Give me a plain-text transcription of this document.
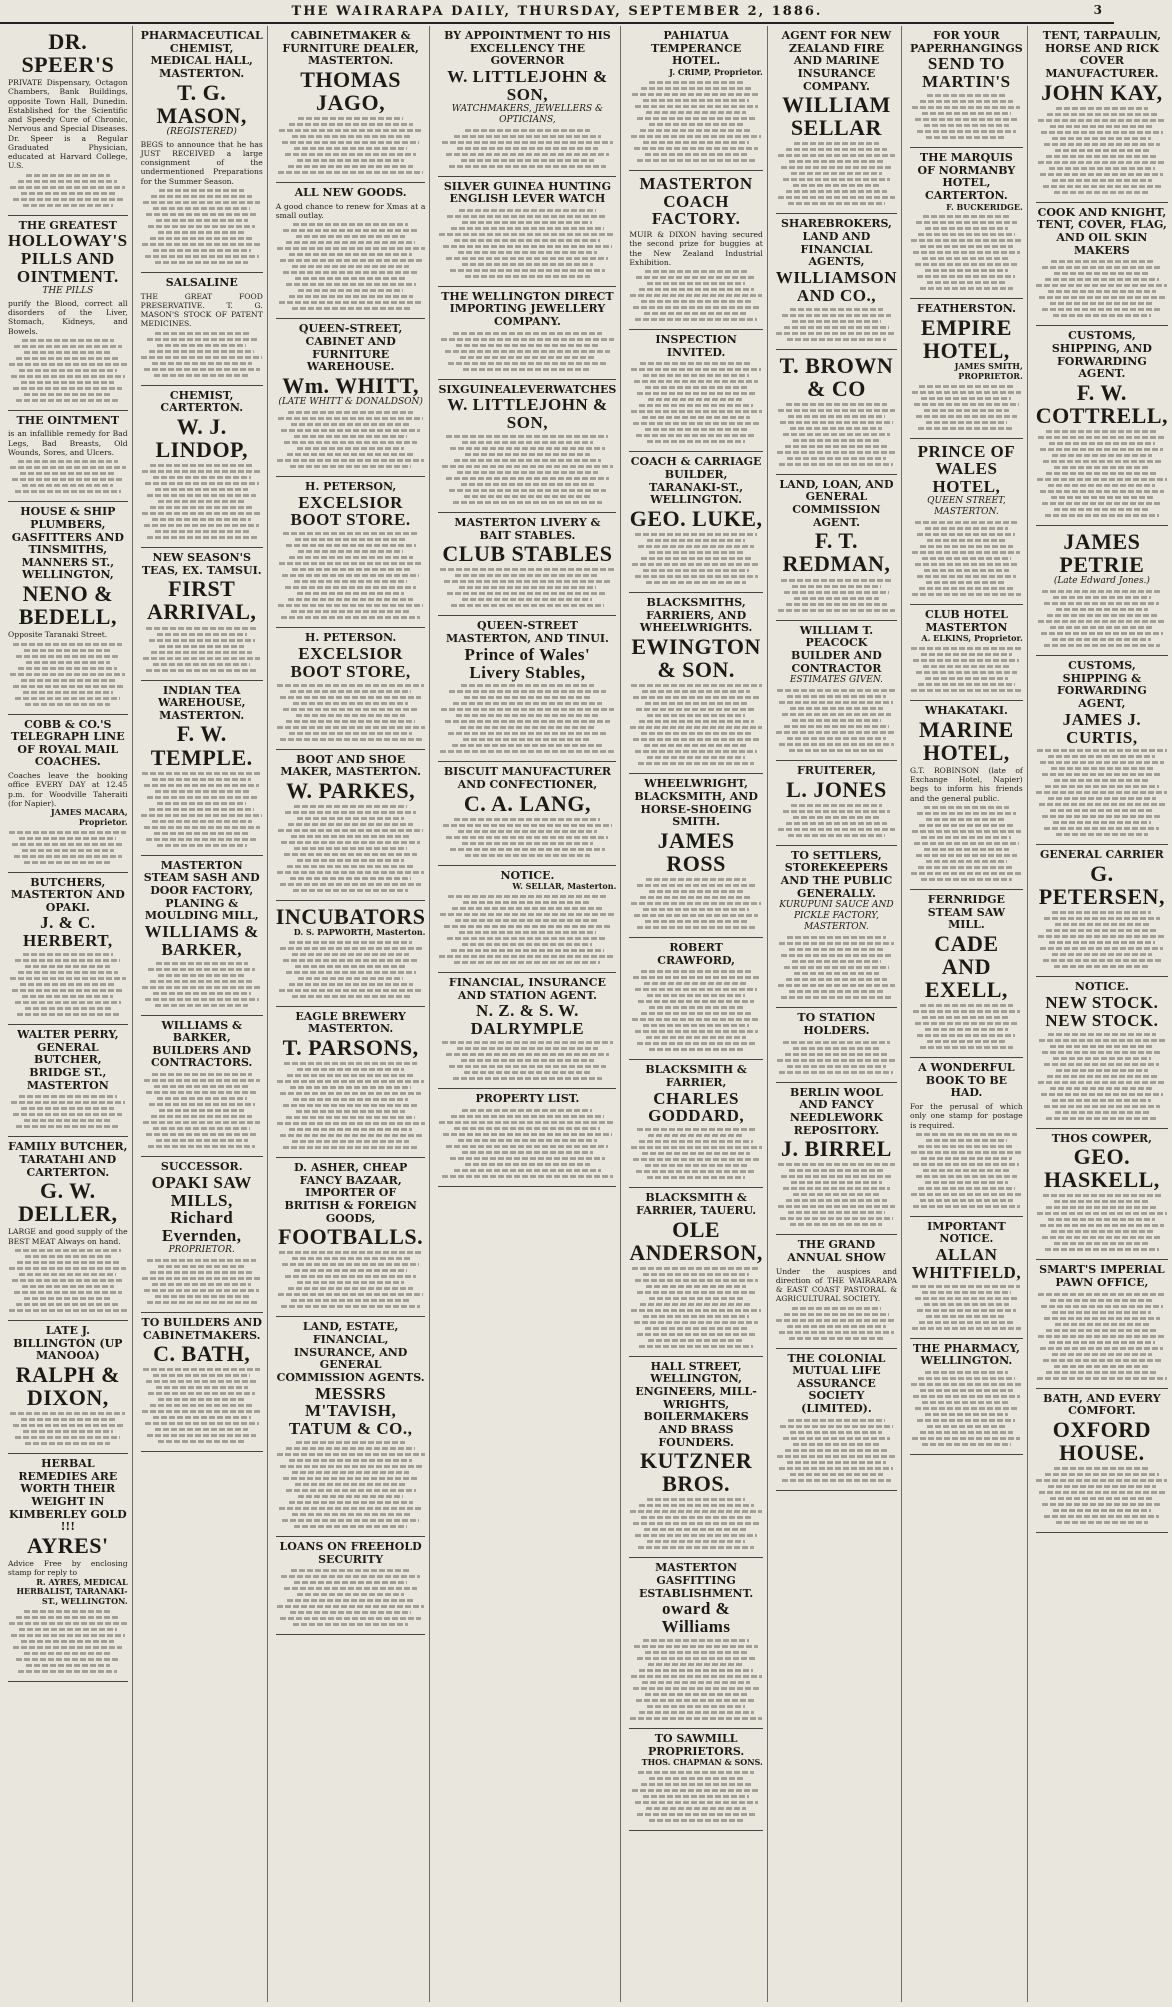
THE WAIRARAPA DAILY, THURSDAY, SEPTEMBER 2, 1886.	3
DR. SPEER'S
PRIVATE Dispensary, Octagon Chambers, Bank Buildings, opposite Town Hall, Dunedin. Established for the Scientific and Speedy Cure of Chronic, Nervous and Special Diseases. Dr. Speer is a Regular Graduated Physician, educated at Harvard College, U.S.
THE GREATEST
HOLLOWAY'S PILLS AND OINTMENT.
THE PILLS
purify the Blood, correct all disorders of the Liver, Stomach, Kidneys, and Bowels.
THE OINTMENT
is an infallible remedy for Bad Legs, Bad Breasts, Old Wounds, Sores, and Ulcers.
HOUSE & SHIP PLUMBERS, GASFITTERS AND TINSMITHS, MANNERS ST., WELLINGTON,
NENO & BEDELL,
Opposite Taranaki Street.
COBB & CO.'S TELEGRAPH LINE OF ROYAL MAIL COACHES.
Coaches leave the booking office EVERY DAY at 12.45 p.m. for Woodville Taheraiti (for Napier).
JAMES MACARA, Proprietor.
BUTCHERS, MASTERTON AND OPAKI.
J. & C. HERBERT,
WALTER PERRY, GENERAL BUTCHER, BRIDGE ST., MASTERTON
FAMILY BUTCHER, TARATAHI AND CARTERTON.
G. W. DELLER,
LARGE and good supply of the BEST MEAT Always on hand.
LATE J. BILLINGTON (UP MANOOA)
RALPH & DIXON,
HERBAL REMEDIES ARE WORTH THEIR WEIGHT IN KIMBERLEY GOLD !!!
AYRES'
Advice Free by enclosing stamp for reply to
R. AYRES, MEDICAL HERBALIST, TARANAKI-ST., WELLINGTON.
PHARMACEUTICAL CHEMIST, MEDICAL HALL, MASTERTON.
T. G. MASON,
(REGISTERED)
BEGS to announce that he has JUST RECEIVED a large consignment of the undermentioned Preparations for the Summer Season.
SALSALINE
THE GREAT FOOD PRESERVATIVE. T. G. MASON'S STOCK OF PATENT MEDICINES.
CHEMIST, CARTERTON.
W. J. LINDOP,
NEW SEASON'S TEAS, EX. TAMSUI.
FIRST ARRIVAL,
INDIAN TEA WAREHOUSE, MASTERTON.
F. W. TEMPLE.
MASTERTON STEAM SASH AND DOOR FACTORY, PLANING & MOULDING MILL,
WILLIAMS & BARKER,
WILLIAMS & BARKER, BUILDERS AND CONTRACTORS.
SUCCESSOR.
OPAKI SAW MILLS, Richard Evernden,
PROPRIETOR.
TO BUILDERS AND CABINETMAKERS.
C. BATH,
CABINETMAKER & FURNITURE DEALER, MASTERTON.
THOMAS JAGO,
ALL NEW GOODS.
A good chance to renew for Xmas at a small outlay.
QUEEN-STREET, CABINET AND FURNITURE WAREHOUSE.
Wm. WHITT,
(LATE WHITT & DONALDSON)
H. PETERSON,
EXCELSIOR BOOT STORE.
H. PETERSON.
EXCELSIOR BOOT STORE,
BOOT AND SHOE MAKER, MASTERTON.
W. PARKES,
INCUBATORS
D. S. PAPWORTH, Masterton.
EAGLE BREWERY MASTERTON.
T. PARSONS,
D. ASHER, CHEAP FANCY BAZAAR, IMPORTER OF BRITISH & FOREIGN GOODS,
FOOTBALLS.
LAND, ESTATE, FINANCIAL, INSURANCE, AND GENERAL COMMISSION AGENTS.
MESSRS M'TAVISH, TATUM & CO.,
LOANS ON FREEHOLD SECURITY
BY APPOINTMENT TO HIS EXCELLENCY THE GOVERNOR
W. LITTLEJOHN & SON,
WATCHMAKERS, JEWELLERS & OPTICIANS,
SILVER GUINEA HUNTING ENGLISH LEVER WATCH
THE WELLINGTON DIRECT IMPORTING JEWELLERY COMPANY.
SIXGUINEALEVERWATCHES
W. LITTLEJOHN & SON,
MASTERTON LIVERY & BAIT STABLES.
CLUB STABLES
QUEEN-STREET MASTERTON, AND TINUI.
Prince of Wales' Livery Stables,
BISCUIT MANUFACTURER AND CONFECTIONER,
C. A. LANG,
NOTICE.
W. SELLAR, Masterton.
FINANCIAL, INSURANCE AND STATION AGENT.
N. Z. & S. W. DALRYMPLE
PROPERTY LIST.
PAHIATUA TEMPERANCE HOTEL.
J. CRIMP, Proprietor.
MASTERTON COACH FACTORY.
MUIR & DIXON having secured the second prize for buggies at the New Zealand Industrial Exhibition.
INSPECTION INVITED.
COACH & CARRIAGE BUILDER, TARANAKI-ST., WELLINGTON.
GEO. LUKE,
BLACKSMITHS, FARRIERS, AND WHEELWRIGHTS.
EWINGTON & SON.
WHEELWRIGHT, BLACKSMITH, AND HORSE-SHOEING SMITH.
JAMES ROSS
ROBERT CRAWFORD,
BLACKSMITH & FARRIER,
CHARLES GODDARD,
BLACKSMITH & FARRIER, TAUERU.
OLE ANDERSON,
HALL STREET, WELLINGTON, ENGINEERS, MILL-WRIGHTS, BOILERMAKERS AND BRASS FOUNDERS.
KUTZNER BROS.
MASTERTON GASFITTING ESTABLISHMENT.
oward & Williams
TO SAWMILL PROPRIETORS.
THOS. CHAPMAN & SONS.
AGENT FOR NEW ZEALAND FIRE AND MARINE INSURANCE COMPANY.
WILLIAM SELLAR
SHAREBROKERS, LAND AND FINANCIAL AGENTS,
WILLIAMSON AND CO.,
T. BROWN & CO
LAND, LOAN, AND GENERAL COMMISSION AGENT.
F. T. REDMAN,
WILLIAM T. PEACOCK BUILDER AND CONTRACTOR
ESTIMATES GIVEN.
FRUITERER,
L. JONES
TO SETTLERS, STOREKEEPERS AND THE PUBLIC GENERALLY.
KURUPUNI SAUCE AND PICKLE FACTORY, MASTERTON.
TO STATION HOLDERS.
BERLIN WOOL AND FANCY NEEDLEWORK REPOSITORY.
J. BIRREL
THE GRAND ANNUAL SHOW
Under the auspices and direction of THE WAIRARAPA & EAST COAST PASTORAL & AGRICULTURAL SOCIETY.
THE COLONIAL MUTUAL LIFE ASSURANCE SOCIETY (LIMITED).
FOR YOUR PAPERHANGINGS
SEND TO MARTIN'S
THE MARQUIS OF NORMANBY HOTEL, CARTERTON.
F. BUCKERIDGE.
FEATHERSTON.
EMPIRE HOTEL,
JAMES SMITH, PROPRIETOR.
PRINCE OF WALES HOTEL,
QUEEN STREET, MASTERTON.
CLUB HOTEL MASTERTON
A. ELKINS, Proprietor.
WHAKATAKI.
MARINE HOTEL,
G.T. ROBINSON (late of Exchange Hotel, Napier) begs to inform his friends and the general public.
FERNRIDGE STEAM SAW MILL.
CADE AND EXELL,
A WONDERFUL BOOK TO BE HAD.
For the perusal of which only one stamp for postage is required.
IMPORTANT NOTICE.
ALLAN WHITFIELD,
THE PHARMACY, WELLINGTON.
TENT, TARPAULIN, HORSE AND RICK COVER MANUFACTURER.
JOHN KAY,
COOK AND KNIGHT, TENT, COVER, FLAG, AND OIL SKIN MAKERS
CUSTOMS, SHIPPING, AND FORWARDING AGENT.
F. W. COTTRELL,
JAMES PETRIE
(Late Edward Jones.)
CUSTOMS, SHIPPING & FORWARDING AGENT,
JAMES J. CURTIS,
GENERAL CARRIER
G. PETERSEN,
NOTICE.
NEW STOCK. NEW STOCK.
THOS COWPER,
GEO. HASKELL,
SMART'S IMPERIAL PAWN OFFICE,
BATH, AND EVERY COMFORT.
OXFORD HOUSE.
